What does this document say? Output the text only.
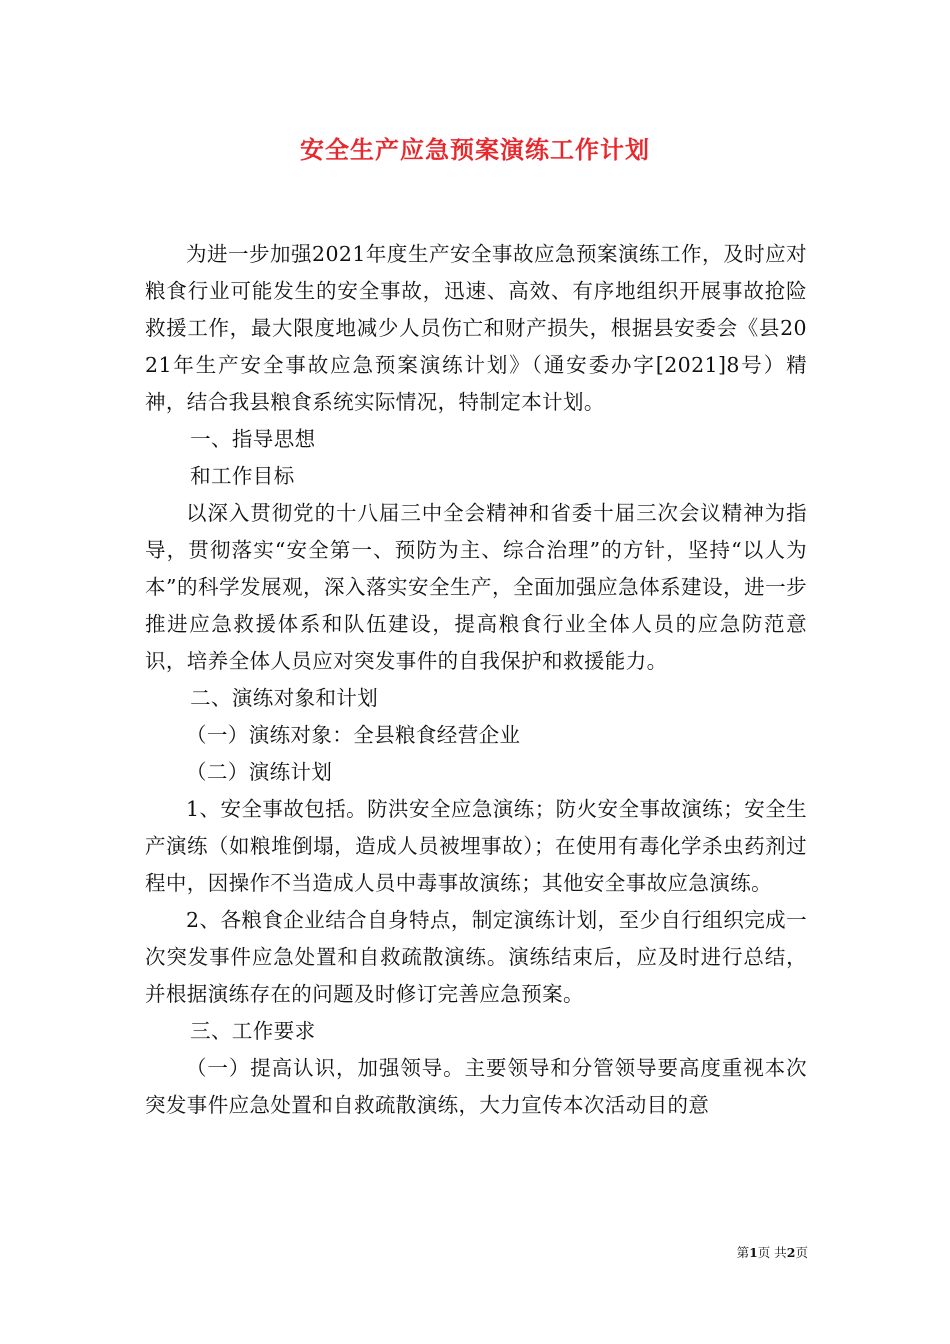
安全生产应急预案演练工作计划

为进一步加强2021年度生产安全事故应急预案演练工作，及时应对粮食行业可能发生的安全事故，迅速、高效、有序地组织开展事故抢险救援工作，最大限度地减少人员伤亡和财产损失，根据县安委会《县2021年生产安全事故应急预案演练计划》（通安委办字[2021]8号）精神，结合我县粮食系统实际情况，特制定本计划。

一、指导思想

和工作目标

以深入贯彻党的十八届三中全会精神和省委十届三次会议精神为指导，贯彻落实“安全第一、预防为主、综合治理”的方针，坚持“以人为本”的科学发展观，深入落实安全生产，全面加强应急体系建设，进一步推进应急救援体系和队伍建设，提高粮食行业全体人员的应急防范意识，培养全体人员应对突发事件的自我保护和救援能力。

二、演练对象和计划

（一）演练对象：全县粮食经营企业

（二）演练计划

1、安全事故包括。防洪安全应急演练；防火安全事故演练；安全生产演练（如粮堆倒塌，造成人员被埋事故）；在使用有毒化学杀虫药剂过程中，因操作不当造成人员中毒事故演练；其他安全事故应急演练。

2、各粮食企业结合自身特点，制定演练计划，至少自行组织完成一次突发事件应急处置和自救疏散演练。演练结束后，应及时进行总结，并根据演练存在的问题及时修订完善应急预案。

三、工作要求

（一）提高认识，加强领导。主要领导和分管领导要高度重视本次突发事件应急处置和自救疏散演练，大力宣传本次活动目的意

第1页 共2页
